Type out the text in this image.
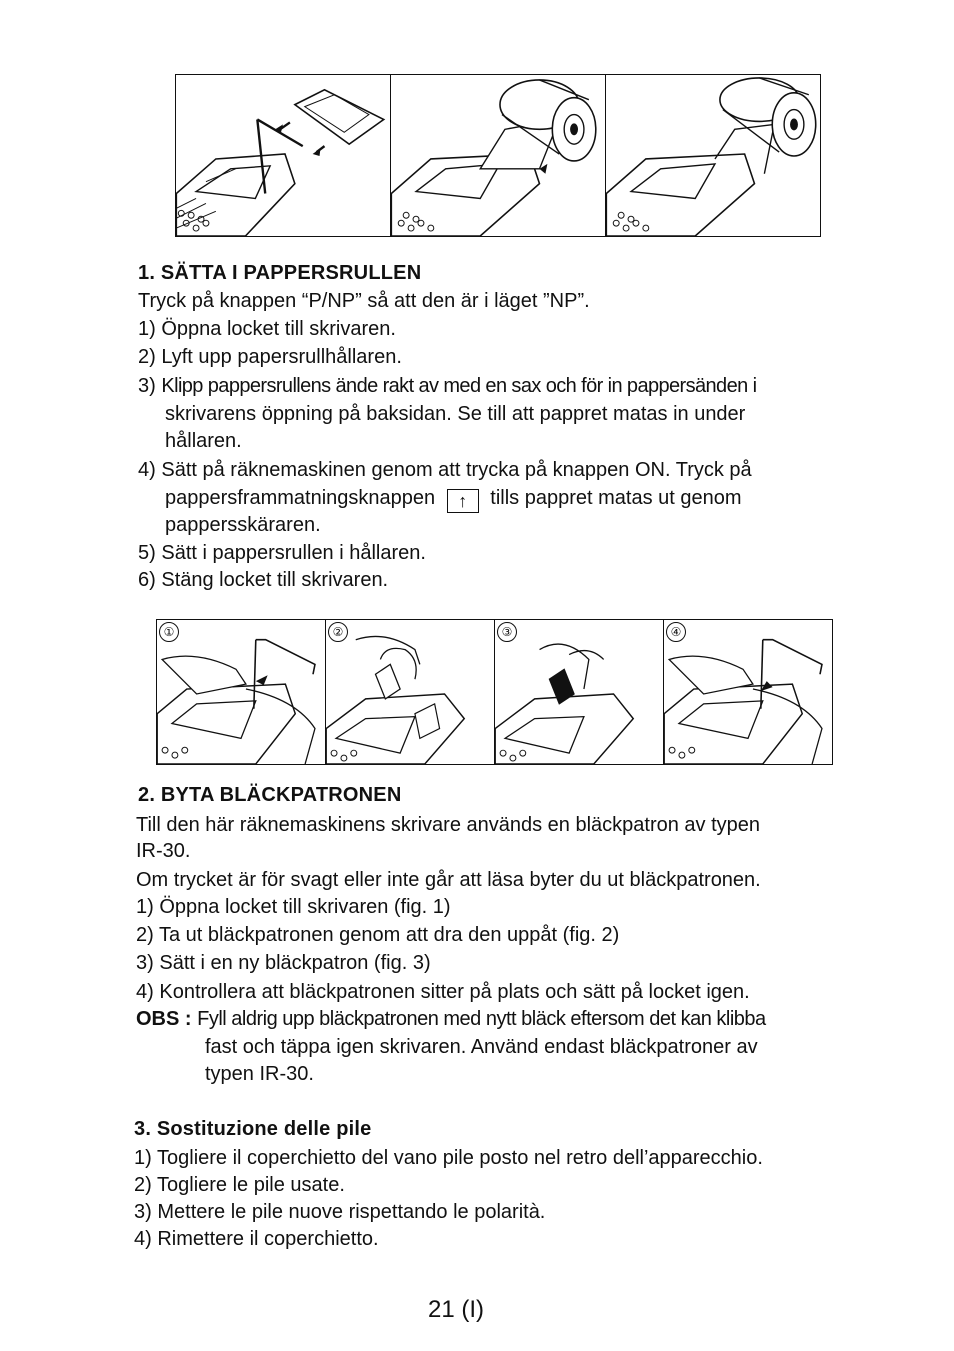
1. SÄTTA I PAPPERSRULLEN
Tryck på knappen “P/NP” så att den är i läget ”NP”.
1) Öppna locket till skrivaren.
2) Lyft upp papersrullhållaren.
3) Klipp pappersrullens ände rakt av med en sax och för in pappersänden i
skrivarens öppning på baksidan. Se till att pappret matas in under
hållaren.
4) Sätt på räknemaskinen genom att trycka på knappen ON. Tryck på
pappersframmatningsknappen ↑ tills pappret matas ut genom
pappersskäraren.
5) Sätt i pappersrullen i hållaren.
6) Stäng locket till skrivaren.
①	②	③	④
2. BYTA BLÄCKPATRONEN
Till den här räknemaskinens skrivare används en bläckpatron av typen
IR-30.
Om trycket är för svagt eller inte går att läsa byter du ut bläckpatronen.
1) Öppna locket till skrivaren (fig. 1)
2) Ta ut bläckpatronen genom att dra den uppåt (fig. 2)
3) Sätt i en ny bläckpatron (fig. 3)
4) Kontrollera att bläckpatronen sitter på plats och sätt på locket igen.
OBS : Fyll aldrig upp bläckpatronen med nytt bläck eftersom det kan klibba
fast och täppa igen skrivaren. Använd endast bläckpatroner av
typen IR-30.
3. Sostituzione delle pile
1) Togliere il coperchietto del vano pile posto nel retro dell’apparecchio.
2) Togliere le pile usate.
3) Mettere le pile nuove rispettando le polarità.
4) Rimettere il coperchietto.
21 (I)
